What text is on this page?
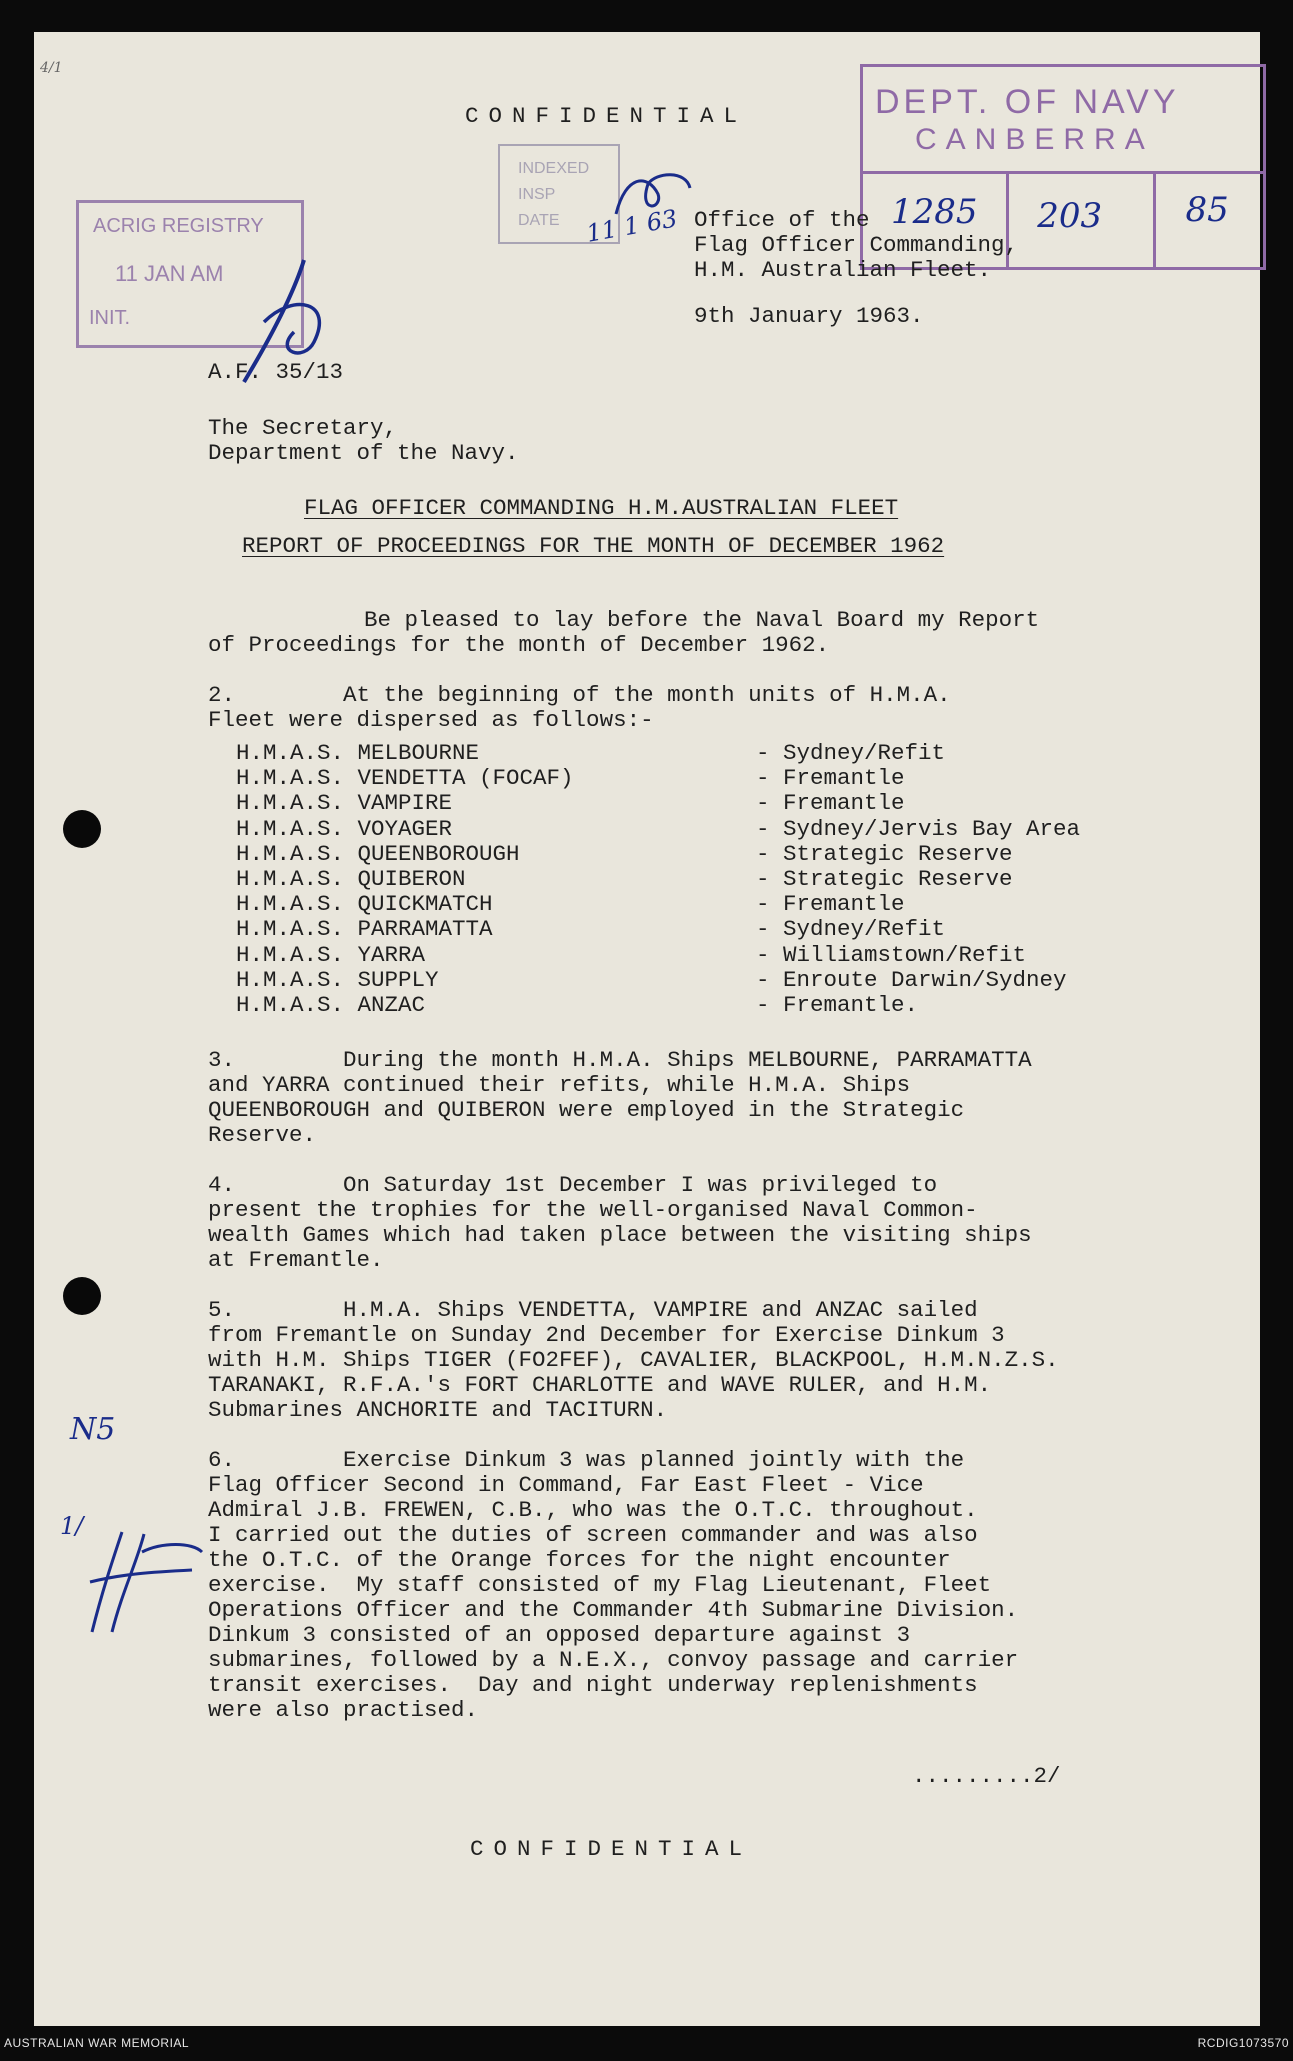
4/1
CONFIDENTIAL	DEPT. OF NAVY
CANBERRA
1285 203 85
INDEXED
INSP
DATE
ACRIG REGISTRY
11 JAN AM
INIT.
11 1 63 Office of the
Flag Officer Commanding,
H.M. Australian Fleet.
9th January 1963.
A.F. 35/13
The Secretary,
Department of the Navy.
FLAG OFFICER COMMANDING H.M.AUSTRALIAN FLEET
REPORT OF PROCEEDINGS FOR THE MONTH OF DECEMBER 1962
Be pleased to lay before the Naval Board my Report
of Proceedings for the month of December 1962.
2.        At the beginning of the month units of H.M.A.
Fleet were dispersed as follows:-
H.M.A.S. MELBOURNE	- Sydney/Refit
H.M.A.S. VENDETTA (FOCAF)	- Fremantle
H.M.A.S. VAMPIRE	- Fremantle
H.M.A.S. VOYAGER	- Sydney/Jervis Bay Area
H.M.A.S. QUEENBOROUGH	- Strategic Reserve
H.M.A.S. QUIBERON	- Strategic Reserve
H.M.A.S. QUICKMATCH	- Fremantle
H.M.A.S. PARRAMATTA	- Sydney/Refit
H.M.A.S. YARRA	- Williamstown/Refit
H.M.A.S. SUPPLY	- Enroute Darwin/Sydney
H.M.A.S. ANZAC	- Fremantle.
3.        During the month H.M.A. Ships MELBOURNE, PARRAMATTA
and YARRA continued their refits, while H.M.A. Ships
QUEENBOROUGH and QUIBERON were employed in the Strategic
Reserve.
4.        On Saturday 1st December I was privileged to
present the trophies for the well-organised Naval Common-
wealth Games which had taken place between the visiting ships
at Fremantle.
5.        H.M.A. Ships VENDETTA, VAMPIRE and ANZAC sailed
from Fremantle on Sunday 2nd December for Exercise Dinkum 3
with H.M. Ships TIGER (FO2FEF), CAVALIER, BLACKPOOL, H.M.N.Z.S.
TARANAKI, R.F.A.'s FORT CHARLOTTE and WAVE RULER, and H.M.
Submarines ANCHORITE and TACITURN.
N5
6.        Exercise Dinkum 3 was planned jointly with the
Flag Officer Second in Command, Far East Fleet - Vice
Admiral J.B. FREWEN, C.B., who was the O.T.C. throughout.
I carried out the duties of screen commander and was also
the O.T.C. of the Orange forces for the night encounter
exercise.  My staff consisted of my Flag Lieutenant, Fleet
Operations Officer and the Commander 4th Submarine Division.
Dinkum 3 consisted of an opposed departure against 3
submarines, followed by a N.E.X., convoy passage and carrier
transit exercises.  Day and night underway replenishments
were also practised.
1/
.........2/
CONFIDENTIAL
AUSTRALIAN WAR MEMORIAL	RCDIG1073570
